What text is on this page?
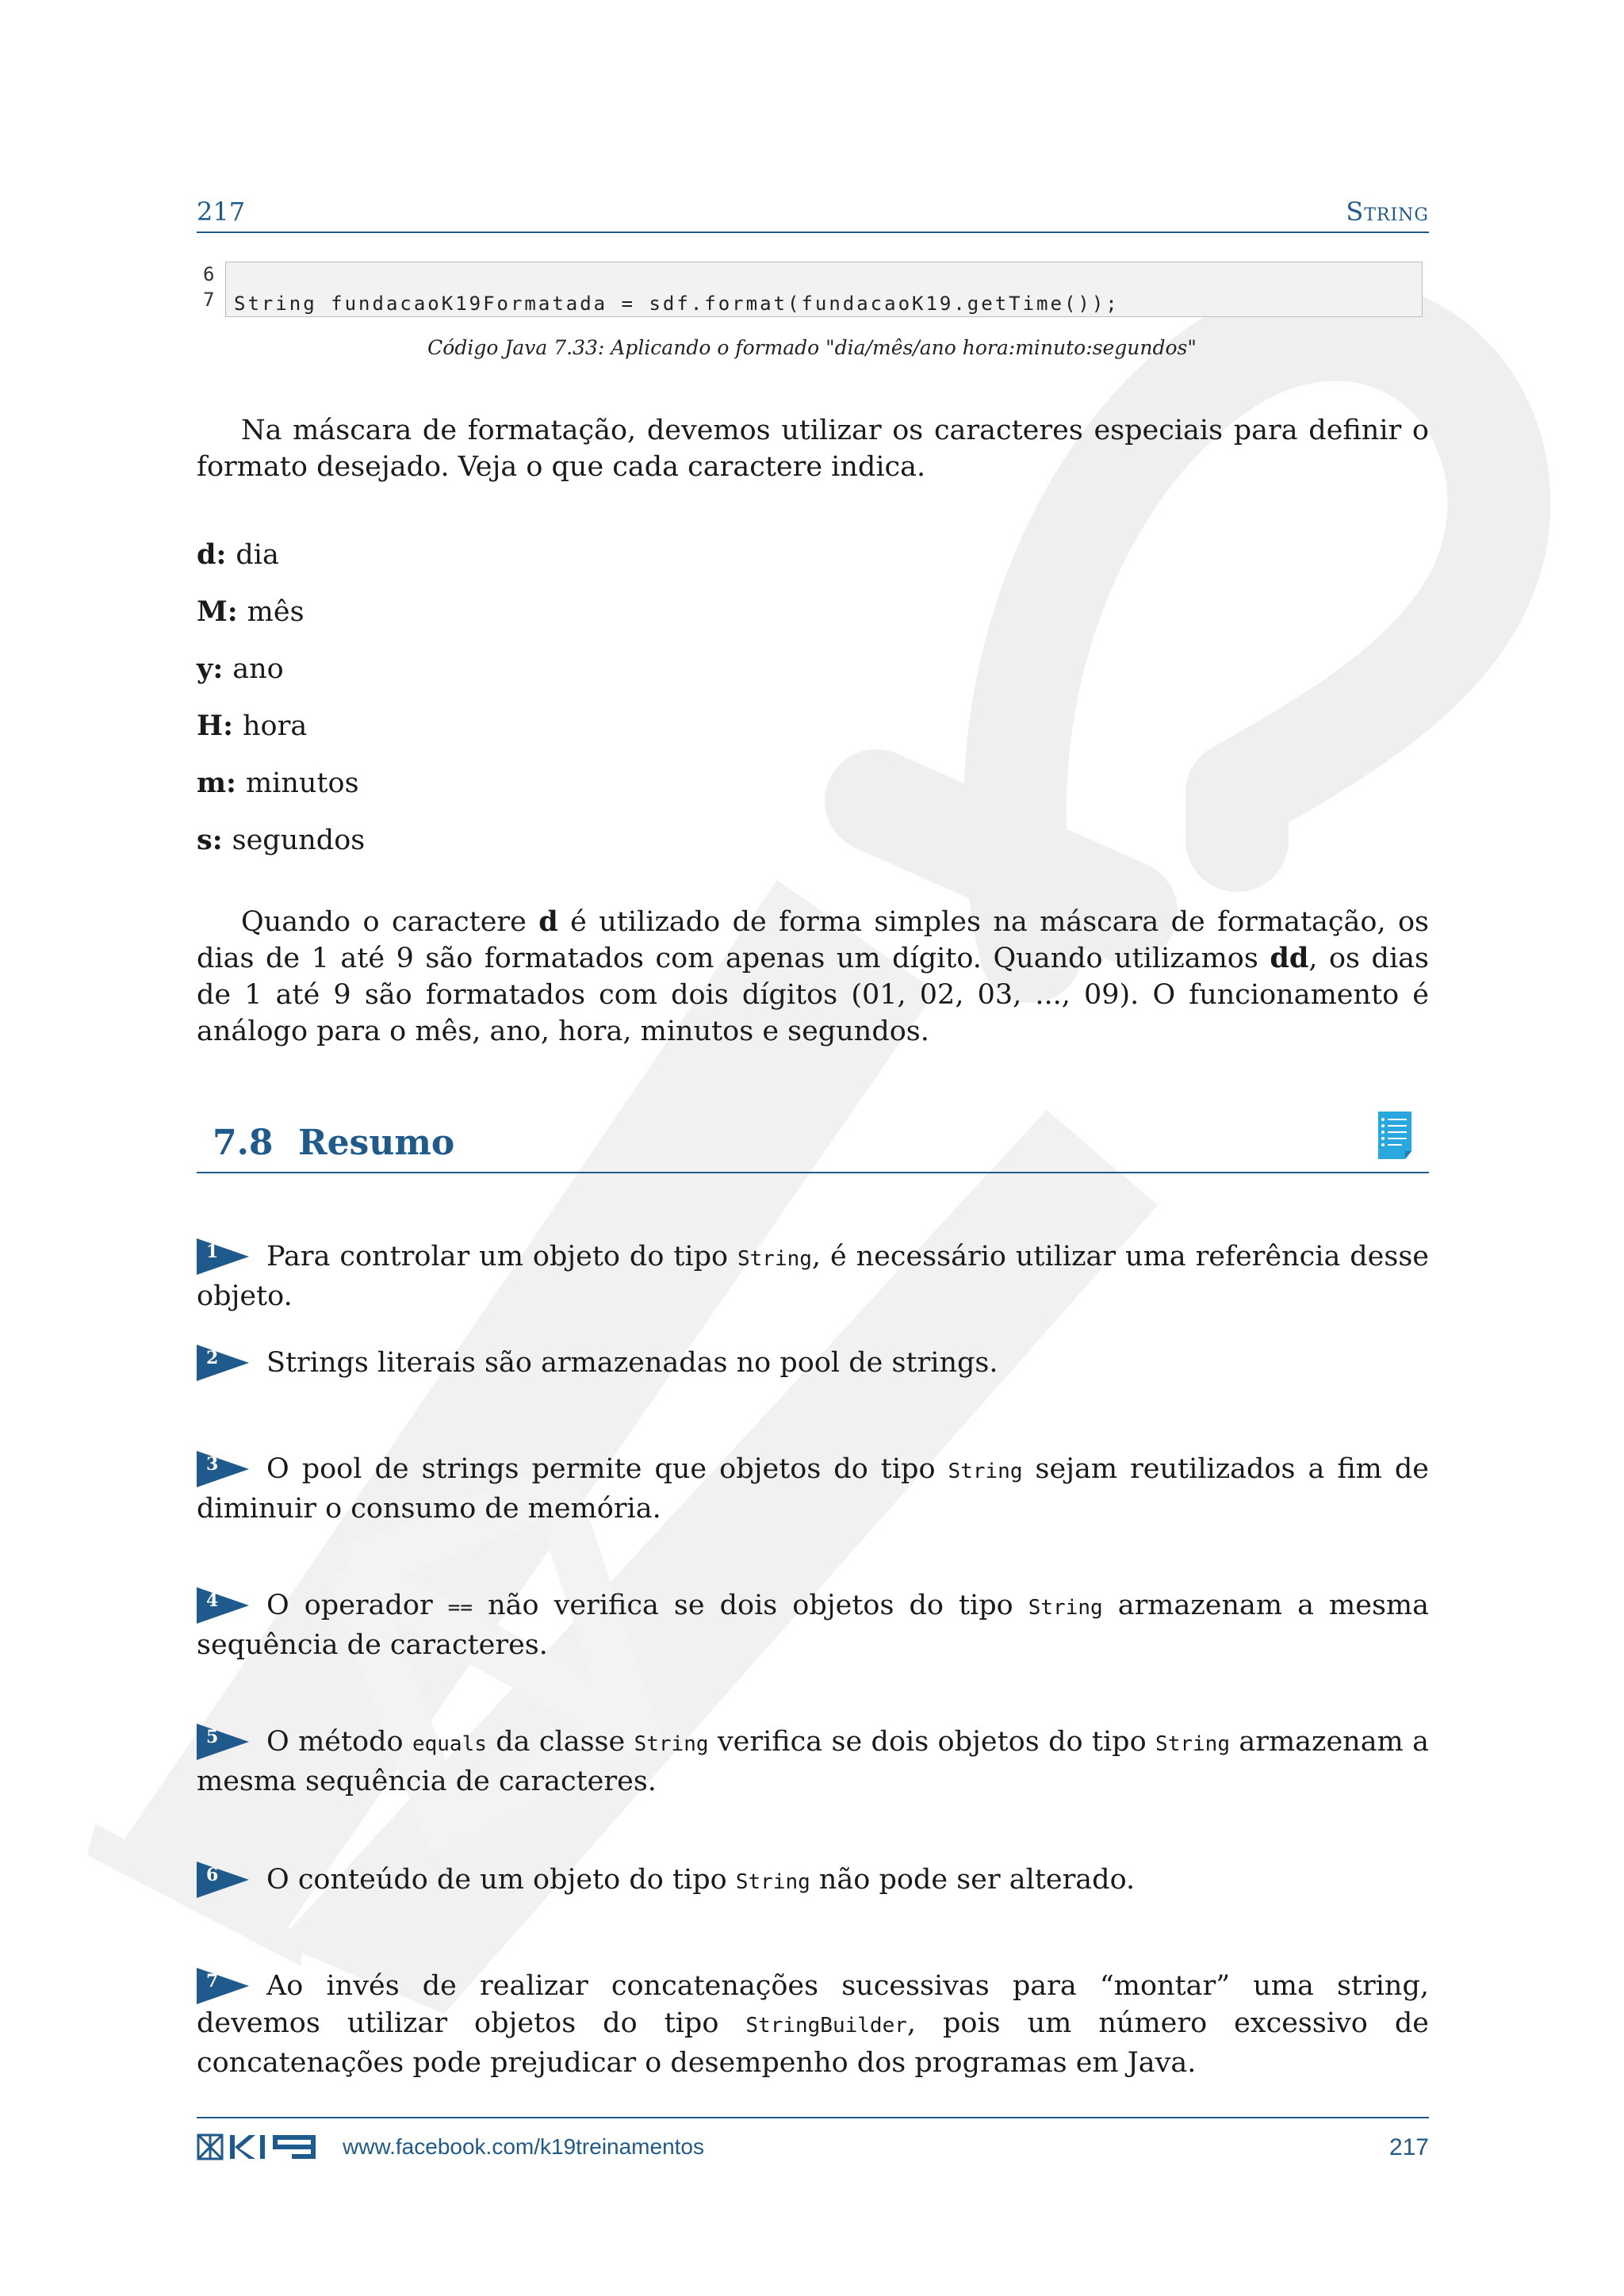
217	String
6
7	String fundacaoK19Formatada = sdf.format(fundacaoK19.getTime());
Código Java 7.33: Aplicando o formado "dia/mês/ano hora:minuto:segundos"
Na máscara de formatação, devemos utilizar os caracteres especiais para definir o formato desejado. Veja o que cada caractere indica.
d: dia
M: mês
y: ano
H: hora
m: minutos
s: segundos
Quando o caractere d é utilizado de forma simples na máscara de formatação, os dias de 1 até 9 são formatados com apenas um dígito. Quando utilizamos dd, os dias de 1 até 9 são formatados com dois dígitos (01, 02, 03, ..., 09). O funcionamento é análogo para o mês, ano, hora, minutos e segundos.
7.8 Resumo
1 Para controlar um objeto do tipo String, é necessário utilizar uma referência desse objeto.
2 Strings literais são armazenadas no pool de strings.
3 O pool de strings permite que objetos do tipo String sejam reutilizados a fim de diminuir o consumo de memória.
4 O operador == não verifica se dois objetos do tipo String armazenam a mesma sequência de caracteres.
5 O método equals da classe String verifica se dois objetos do tipo String armazenam a mesma sequência de caracteres.
6 O conteúdo de um objeto do tipo String não pode ser alterado.
7 Ao invés de realizar concatenações sucessivas para “montar” uma string, devemos utilizar objetos do tipo StringBuilder, pois um número excessivo de concatenações pode prejudicar o desempenho dos programas em Java.
www.facebook.com/k19treinamentos	217
